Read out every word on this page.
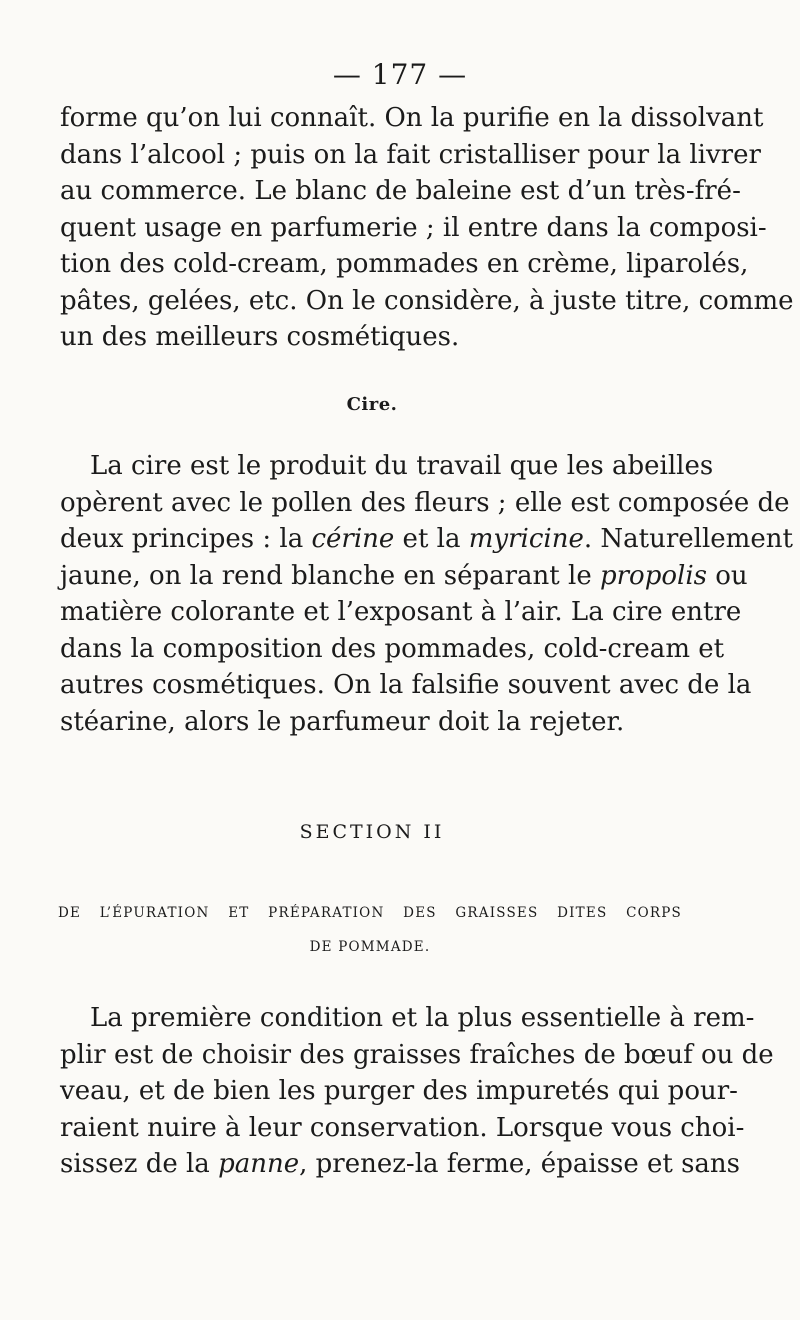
— 177 —

forme qu’on lui connaît. On la purifie en la dissolvant
dans l’alcool ; puis on la fait cristalliser pour la livrer
au commerce. Le blanc de baleine est d’un très-fré-
quent usage en parfumerie ; il entre dans la composi-
tion des cold-cream, pommades en crème, liparolés,
pâtes, gelées, etc. On le considère, à juste titre, comme
un des meilleurs cosmétiques.

Cire.

La cire est le produit du travail que les abeilles
opèrent avec le pollen des fleurs ; elle est composée de
deux principes : la cérine et la myricine. Naturellement
jaune, on la rend blanche en séparant le propolis ou
matière colorante et l’exposant à l’air. La cire entre
dans la composition des pommades, cold-cream et
autres cosmétiques. On la falsifie souvent avec de la
stéarine, alors le parfumeur doit la rejeter.

SECTION II
DE L’ÉPURATION ET PRÉPARATION DES GRAISSES DITES CORPS
DE POMMADE.

La première condition et la plus essentielle à rem-
plir est de choisir des graisses fraîches de bœuf ou de
veau, et de bien les purger des impuretés qui pour-
raient nuire à leur conservation. Lorsque vous choi-
sissez de la panne, prenez-la ferme, épaisse et sans
